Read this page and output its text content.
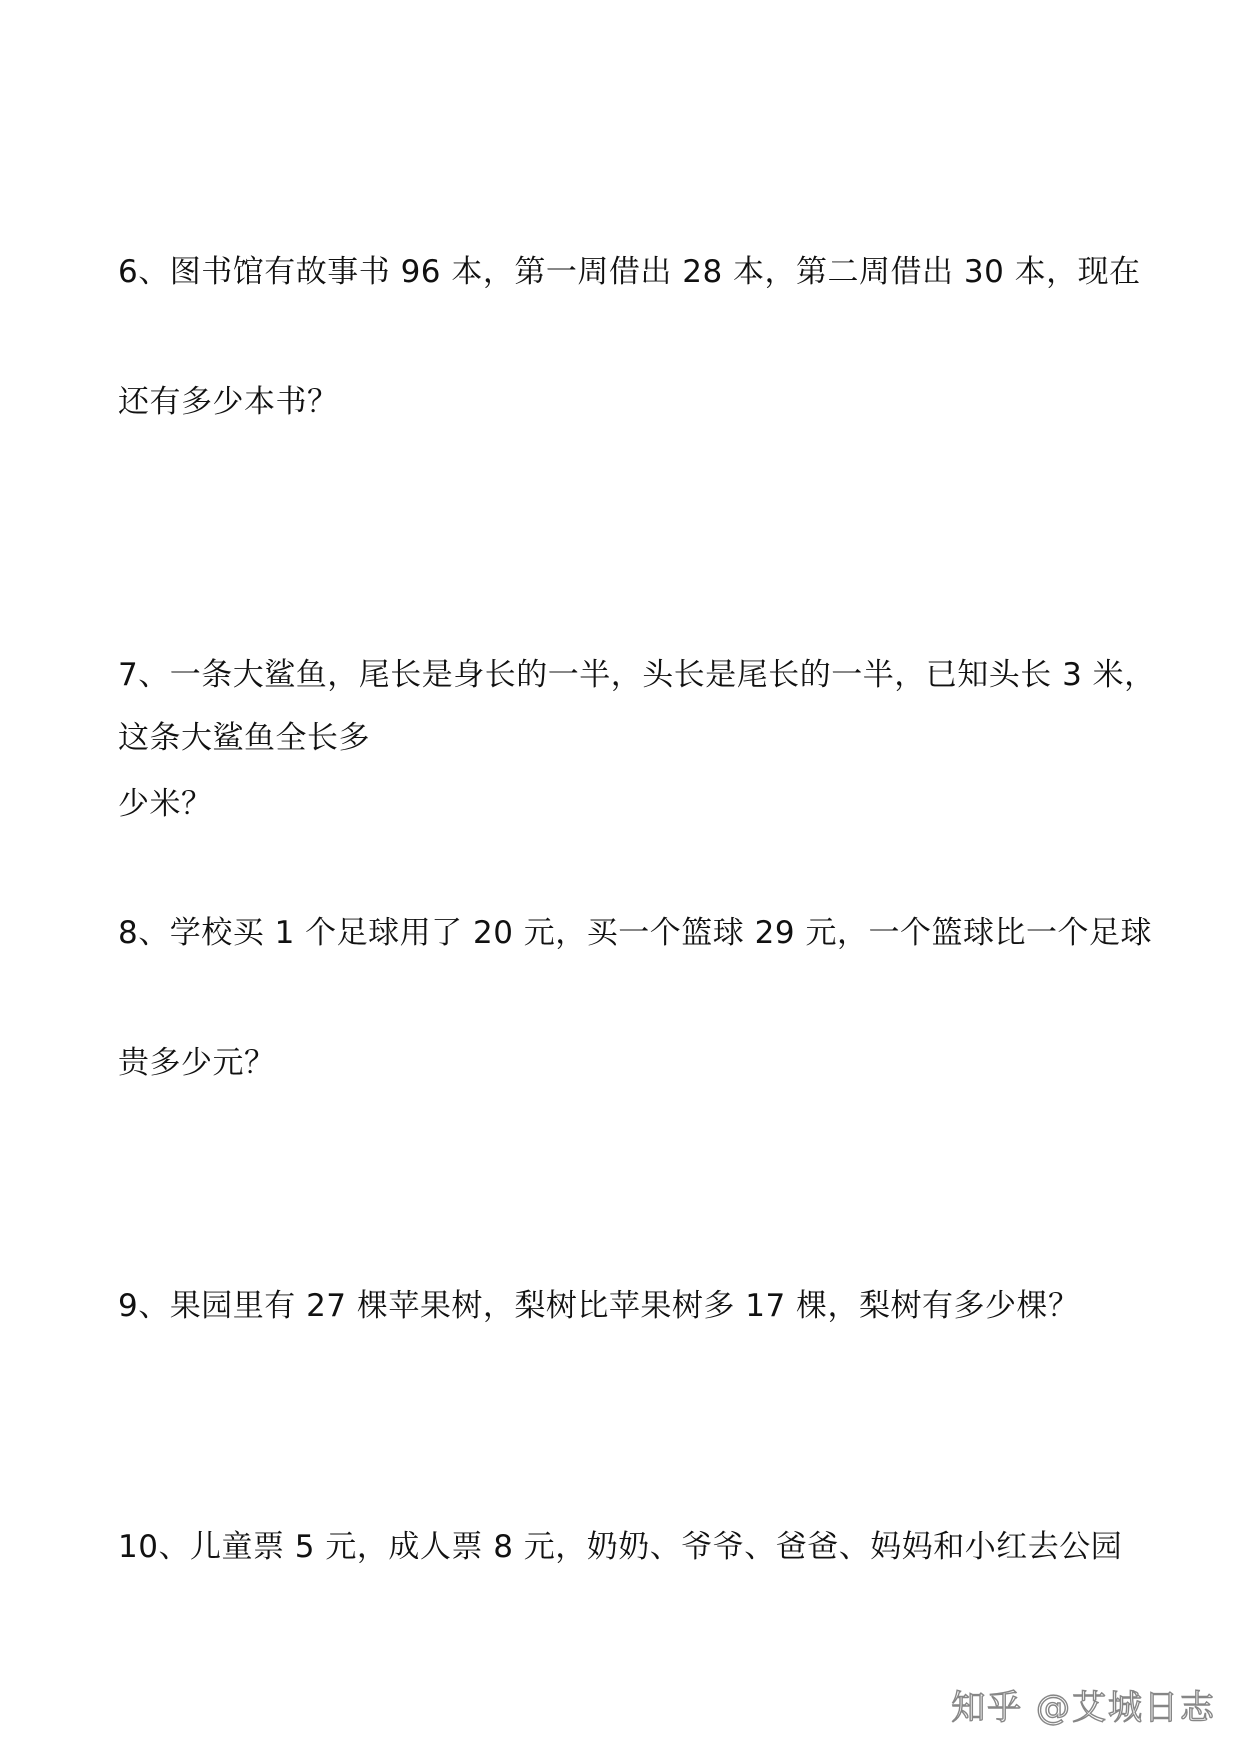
6、图书馆有故事书 96 本，第一周借出 28 本，第二周借出 30 本，现在
还有多少本书？
7、一条大鲨鱼，尾长是身长的一半，头长是尾长的一半，已知头长 3 米，
这条大鲨鱼全长多
少米？
8、学校买 1 个足球用了 20 元，买一个篮球 29 元，一个篮球比一个足球
贵多少元？
9、果园里有 27 棵苹果树，梨树比苹果树多 17 棵，梨树有多少棵？
10、儿童票 5 元，成人票 8 元，奶奶、爷爷、爸爸、妈妈和小红去公园
知乎 @艾城日志
